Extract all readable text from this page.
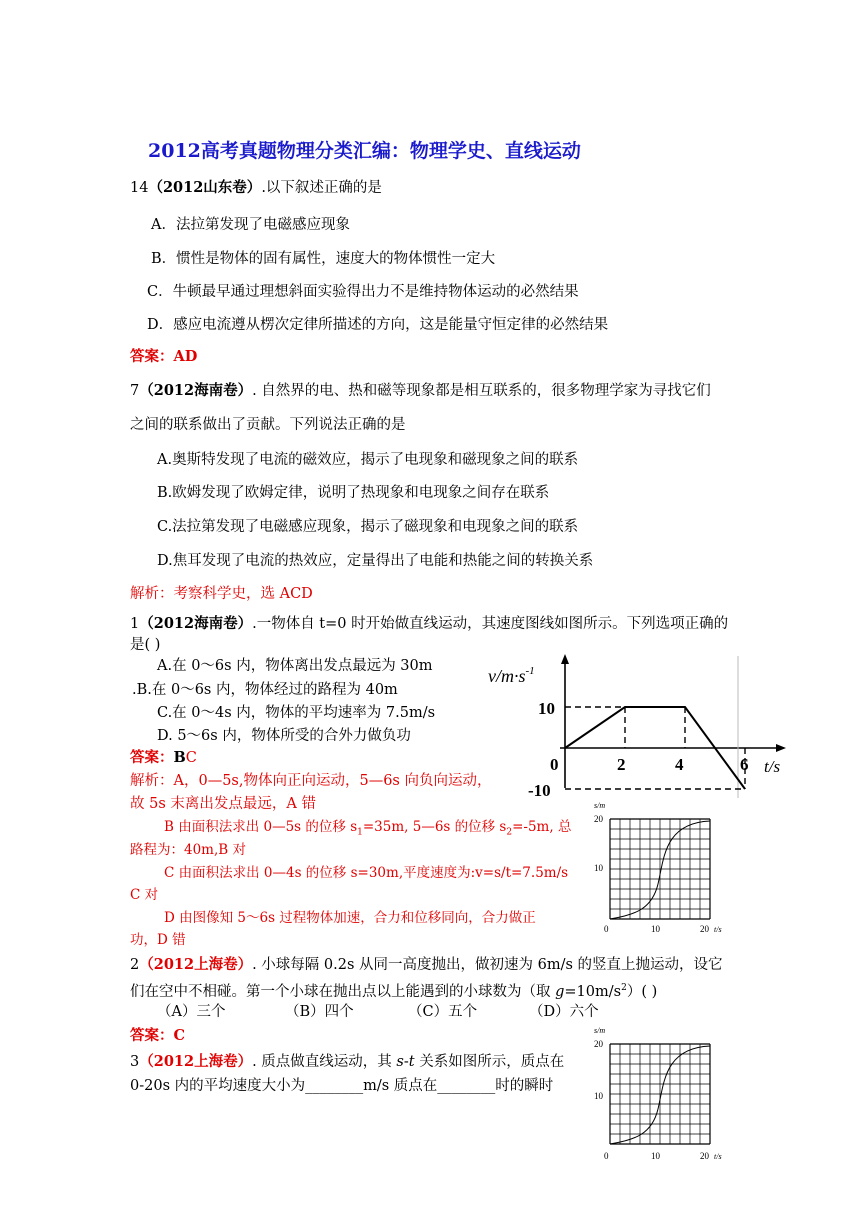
2012高考真题物理分类汇编：物理学史、直线运动
14（2012山东卷）.以下叙述正确的是
A．法拉第发现了电磁感应现象
B．惯性是物体的固有属性，速度大的物体惯性一定大
C．牛顿最早通过理想斜面实验得出力不是维持物体运动的必然结果
D．感应电流遵从楞次定律所描述的方向，这是能量守恒定律的必然结果
答案：AD
7（2012海南卷）. 自然界的电、热和磁等现象都是相互联系的，很多物理学家为寻找它们
之间的联系做出了贡献。下列说法正确的是
A.奥斯特发现了电流的磁效应，揭示了电现象和磁现象之间的联系
B.欧姆发现了欧姆定律，说明了热现象和电现象之间存在联系
C.法拉第发现了电磁感应现象，揭示了磁现象和电现象之间的联系
D.焦耳发现了电流的热效应，定量得出了电能和热能之间的转换关系
解析：考察科学史，选 ACD
1（2012海南卷）.一物体自 t=0 时开始做直线运动，其速度图线如图所示。下列选项正确的
是( )
A.在 0～6s 内，物体离出发点最远为 30m
.B.在 0～6s 内，物体经过的路程为 40m
C.在 0～4s 内，物体的平均速率为 7.5m/s
D. 5～6s 内，物体所受的合外力做负功
答案：BC
解析：A，0—5s,物体向正向运动，5—6s 向负向运动，
故 5s 末离出发点最远，A 错
B 由面积法求出 0—5s 的位移 $s_1=35m$, 5—6s 的位移 $s_2=-5m$, 总
路程为：40m,B 对
C 由面积法求出 0—4s 的位移 s=30m,平度速度为:v=s/t=7.5m/s
C 对
D 由图像知 5～6s 过程物体加速，合力和位移同向，合力做正
功，D 错
2（2012上海卷）. 小球每隔 0.2s 从同一高度抛出，做初速为 6m/s 的竖直上抛运动，设它
们在空中不相碰。第一个小球在抛出点以上能遇到的小球数为（取 $g=10m/s^2$）( )
（A）三个	（B）四个	（C）五个	（D）六个
答案：C
3（2012上海卷）. 质点做直线运动，其 s-t 关系如图所示，质点在
0-20s 内的平均速度大小为________m/s 质点在________时的瞬时
$v/m\cdot s^{-1}$
t/s
10
-10
0	2	4	6
s/m
20
10
0	10	20 t/s
s/m
20
10
0	10	20 t/s
